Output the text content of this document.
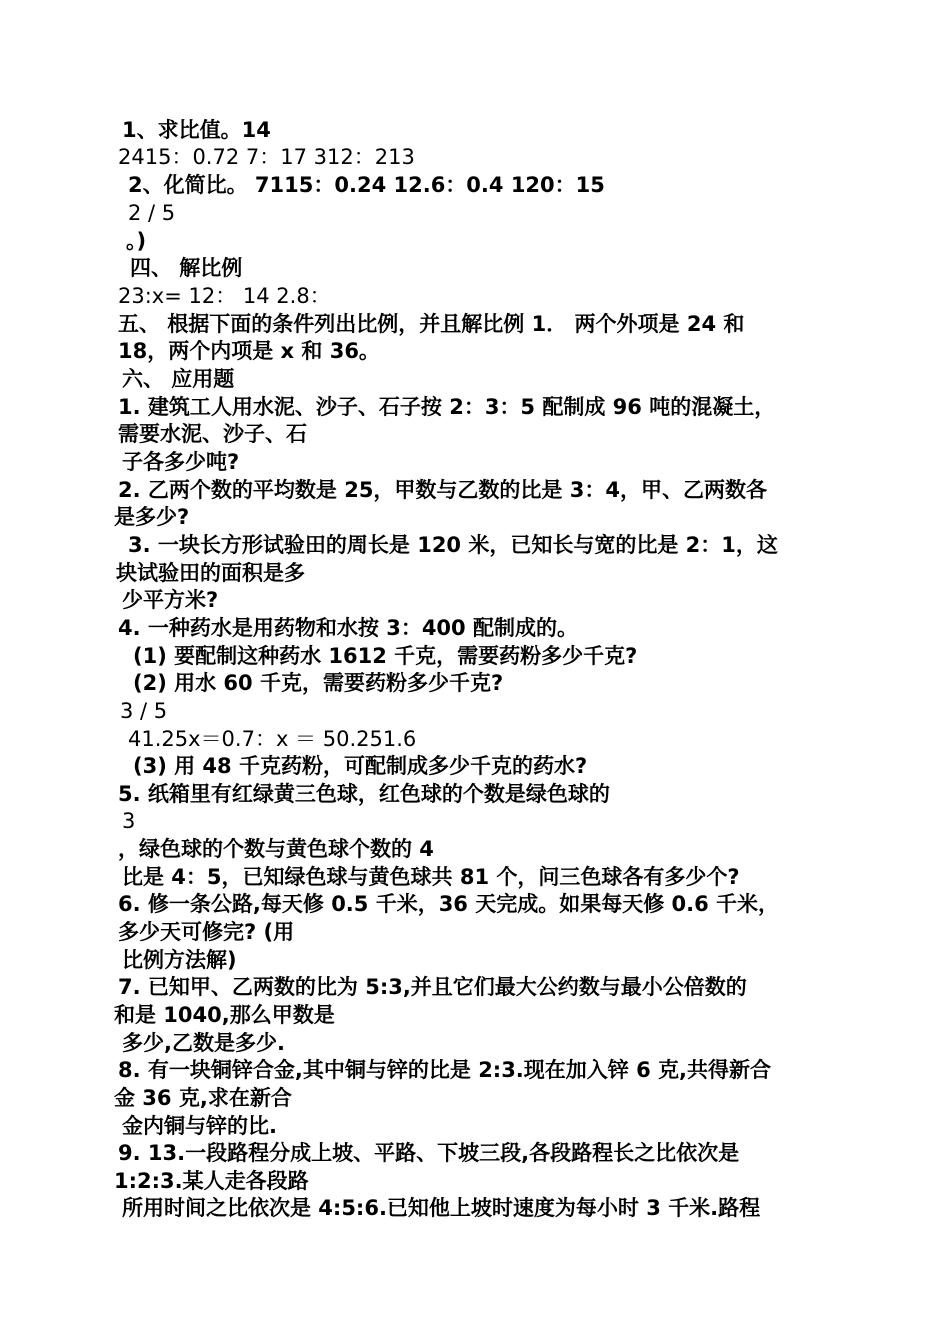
1、求比值。14
2415：0.72 7：17 312：213
2、化简比。 7115：0.24 12.6：0.4 120：15
2 / 5
。)
四、 解比例
23:x= 12： 14 2.8：
五、 根据下面的条件列出比例，并且解比例 1． 两个外项是 24 和
18，两个内项是 x 和 36。
六、 应用题
1. 建筑工人用水泥、沙子、石子按 2：3：5 配制成 96 吨的混凝土，
需要水泥、沙子、石
子各多少吨?
2. 乙两个数的平均数是 25，甲数与乙数的比是 3：4，甲、乙两数各
是多少?
3. 一块长方形试验田的周长是 120 米，已知长与宽的比是 2：1，这
块试验田的面积是多
少平方米?
4. 一种药水是用药物和水按 3：400 配制成的。
(1) 要配制这种药水 1612 千克，需要药粉多少千克?
(2) 用水 60 千克，需要药粉多少千克?
3 / 5
41.25x＝0.7：x ＝ 50.251.6
(3) 用 48 千克药粉，可配制成多少千克的药水?
5. 纸箱里有红绿黄三色球，红色球的个数是绿色球的
3
，绿色球的个数与黄色球个数的 4
比是 4：5，已知绿色球与黄色球共 81 个，问三色球各有多少个?
6. 修一条公路,每天修 0.5 千米，36 天完成。如果每天修 0.6 千米，
多少天可修完? (用
比例方法解)
7. 已知甲、乙两数的比为 5:3,并且它们最大公约数与最小公倍数的
和是 1040,那么甲数是
多少,乙数是多少.
8. 有一块铜锌合金,其中铜与锌的比是 2:3.现在加入锌 6 克,共得新合
金 36 克,求在新合
金内铜与锌的比.
9. 13.一段路程分成上坡、平路、下坡三段,各段路程长之比依次是
1:2:3.某人走各段路
所用时间之比依次是 4:5:6.已知他上坡时速度为每小时 3 千米.路程
